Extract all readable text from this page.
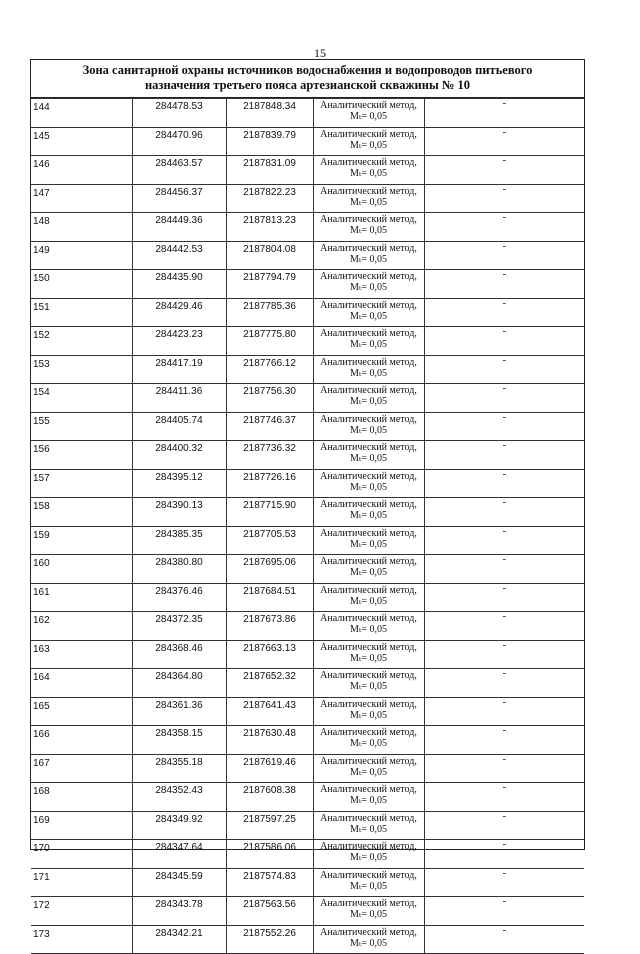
15
Зона санитарной охраны источников водоснабжения и водопроводов питьевого
назначения третьего пояса артезианской скважины № 10
144	284478.53	2187848.34	Аналитический метод,
Mₜ= 0,05	-
145	284470.96	2187839.79	Аналитический метод,
Mₜ= 0,05	-
146	284463.57	2187831.09	Аналитический метод,
Mₜ= 0,05	-
147	284456.37	2187822.23	Аналитический метод,
Mₜ= 0,05	-
148	284449.36	2187813.23	Аналитический метод,
Mₜ= 0,05	-
149	284442.53	2187804.08	Аналитический метод,
Mₜ= 0,05	-
150	284435.90	2187794.79	Аналитический метод,
Mₜ= 0,05	-
151	284429.46	2187785.36	Аналитический метод,
Mₜ= 0,05	-
152	284423.23	2187775.80	Аналитический метод,
Mₜ= 0,05	-
153	284417.19	2187766.12	Аналитический метод,
Mₜ= 0,05	-
154	284411.36	2187756.30	Аналитический метод,
Mₜ= 0,05	-
155	284405.74	2187746.37	Аналитический метод,
Mₜ= 0,05	-
156	284400.32	2187736.32	Аналитический метод,
Mₜ= 0,05	-
157	284395.12	2187726.16	Аналитический метод,
Mₜ= 0,05	-
158	284390.13	2187715.90	Аналитический метод,
Mₜ= 0,05	-
159	284385.35	2187705.53	Аналитический метод,
Mₜ= 0,05	-
160	284380.80	2187695.06	Аналитический метод,
Mₜ= 0,05	-
161	284376.46	2187684.51	Аналитический метод,
Mₜ= 0,05	-
162	284372.35	2187673.86	Аналитический метод,
Mₜ= 0,05	-
163	284368.46	2187663.13	Аналитический метод,
Mₜ= 0,05	-
164	284364.80	2187652.32	Аналитический метод,
Mₜ= 0,05	-
165	284361.36	2187641.43	Аналитический метод,
Mₜ= 0,05	-
166	284358.15	2187630.48	Аналитический метод,
Mₜ= 0,05	-
167	284355.18	2187619.46	Аналитический метод,
Mₜ= 0,05	-
168	284352.43	2187608.38	Аналитический метод,
Mₜ= 0,05	-
169	284349.92	2187597.25	Аналитический метод,
Mₜ= 0,05	-
170	284347.64	2187586.06	Аналитический метод,
Mₜ= 0,05	-
171	284345.59	2187574.83	Аналитический метод,
Mₜ= 0,05	-
172	284343.78	2187563.56	Аналитический метод,
Mₜ= 0,05	-
173	284342.21	2187552.26	Аналитический метод,
Mₜ= 0,05	-
